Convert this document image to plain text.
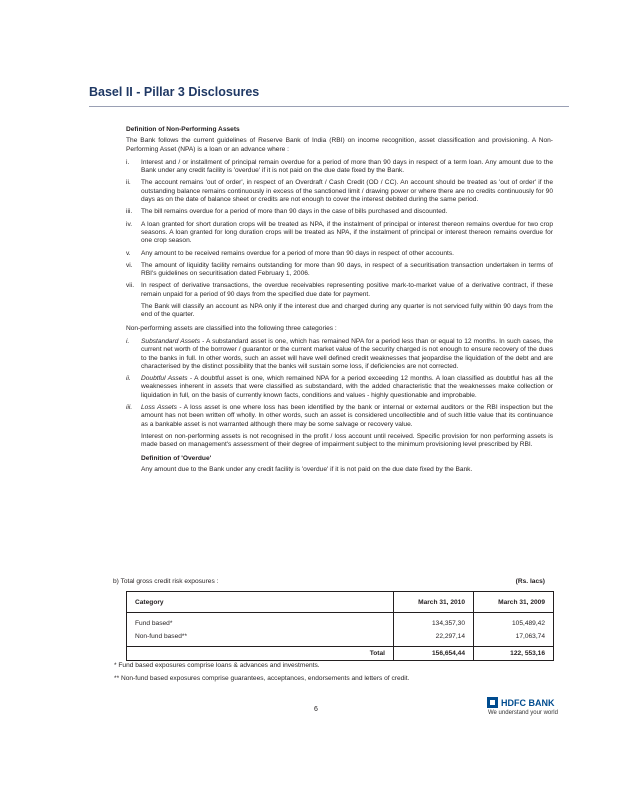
Basel II - Pillar 3 Disclosures

Definition of Non-Performing Assets

The Bank follows the current guidelines of Reserve Bank of India (RBI) on income recognition, asset classification and provisioning. A Non-Performing Asset (NPA) is a loan or an advance where :

i.	Interest and / or installment of principal remain overdue for a period of more than 90 days in respect of a term loan. Any amount due to the Bank under any credit facility is 'overdue' if it is not paid on the due date fixed by the Bank.
ii.	The account remains 'out of order', in respect of an Overdraft / Cash Credit (OD / CC). An account should be treated as 'out of order' if the outstanding balance remains continuously in excess of the sanctioned limit / drawing power or where there are no credits continuously for 90 days as on the date of balance sheet or credits are not enough to cover the interest debited during the same period.
iii.	The bill remains overdue for a period of more than 90 days in the case of bills purchased and discounted.
iv.	A loan granted for short duration crops will be treated as NPA, if the instalment of principal or interest thereon remains overdue for two crop seasons. A loan granted for long duration crops will be treated as NPA, if the instalment of principal or interest thereon remains overdue for one crop season.
v.	Any amount to be received remains overdue for a period of more than 90 days in respect of other accounts.
vi.	The amount of liquidity facility remains outstanding for more than 90 days, in respect of a securitisation transaction undertaken in terms of RBI's guidelines on securitisation dated February 1, 2006.
vii.	In respect of derivative transactions, the overdue receivables representing positive mark-to-market value of a derivative contract, if these remain unpaid for a period of 90 days from the specified due date for payment.

The Bank will classify an account as NPA only if the interest due and charged during any quarter is not serviced fully within 90 days from the end of the quarter.

Non-performing assets are classified into the following three categories :

i.	Substandard Assets - A substandard asset is one, which has remained NPA for a period less than or equal to 12 months. In such cases, the current net worth of the borrower / guarantor or the current market value of the security charged is not enough to ensure recovery of the dues to the banks in full. In other words, such an asset will have well defined credit weaknesses that jeopardise the liquidation of the debt and are characterised by the distinct possibility that the banks will sustain some loss, if deficiencies are not corrected.
ii.	Doubtful Assets - A doubtful asset is one, which remained NPA for a period exceeding 12 months. A loan classified as doubtful has all the weaknesses inherent in assets that were classified as substandard, with the added characteristic that the weaknesses make collection or liquidation in full, on the basis of currently known facts, conditions and values - highly questionable and improbable.
iii.	Loss Assets - A loss asset is one where loss has been identified by the bank or internal or external auditors or the RBI inspection but the amount has not been written off wholly. In other words, such an asset is considered uncollectible and of such little value that its continuance as a bankable asset is not warranted although there may be some salvage or recovery value.

Interest on non-performing assets is not recognised in the profit / loss account until received. Specific provision for non performing assets is made based on management's assessment of their degree of impairment subject to the minimum provisioning level prescribed by RBI.

Definition of 'Overdue'

Any amount due to the Bank under any credit facility is 'overdue' if it is not paid on the due date fixed by the Bank.

b) Total gross credit risk exposures :	(Rs. lacs)
Category	March 31, 2010	March 31, 2009
Fund based*	134,357,30	105,489,42
Non-fund based**	22,297,14	17,063,74
Total	156,654,44	122, 553,16
* Fund based exposures comprise loans & advances and investments.
** Non-fund based exposures comprise guarantees, acceptances, endorsements and letters of credit.
6
HDFC BANK
We understand your world
